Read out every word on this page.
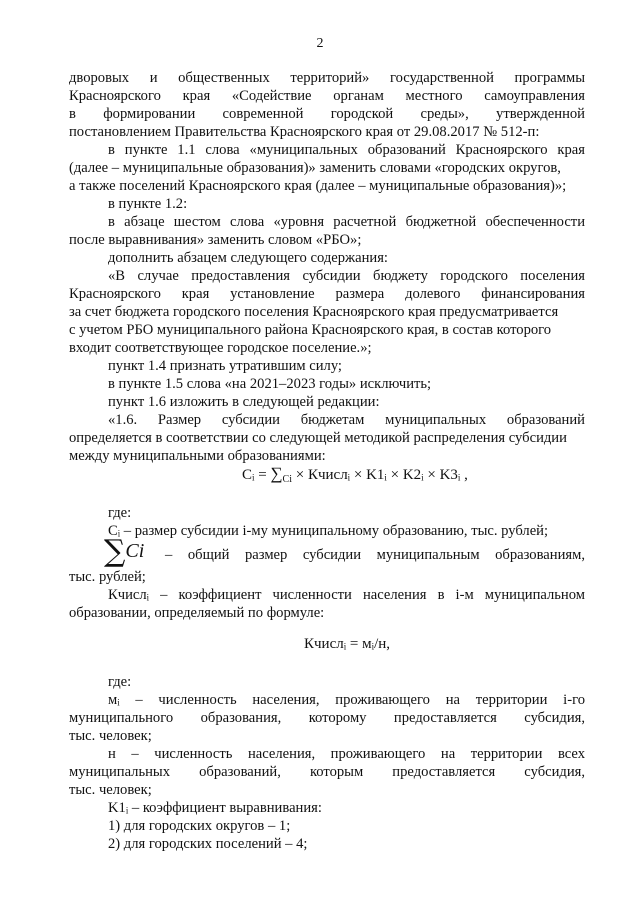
2
дворовых и общественных территорий» государственной программы
Красноярского края «Содействие органам местного самоуправления
в формировании современной городской среды», утвержденной
постановлением Правительства Красноярского края от 29.08.2017 № 512-п:
в пункте 1.1 слова «муниципальных образований Красноярского края
(далее – муниципальные образования)» заменить словами «городских округов,
а также поселений Красноярского края (далее – муниципальные образования)»;
в пункте 1.2:
в абзаце шестом слова «уровня расчетной бюджетной обеспеченности
после выравнивания» заменить словом «РБО»;
дополнить абзацем следующего содержания:
«В случае предоставления субсидии бюджету городского поселения
Красноярского края установление размера долевого финансирования
за счет бюджета городского поселения Красноярского края предусматривается
с учетом РБО муниципального района Красноярского края, в состав которого
входит соответствующее городское поселение.»;
пункт 1.4 признать утратившим силу;
в пункте 1.5 слова «на 2021–2023 годы» исключить;
пункт 1.6 изложить в следующей редакции:
«1.6. Размер субсидии бюджетам муниципальных образований
определяется в соответствии со следующей методикой распределения субсидии
между муниципальными образованиями:
Cᵢ = $\sum_{Ci}$ × Кчислᵢ × K1ᵢ × K2ᵢ × K3ᵢ ,
где:
Cᵢ – размер субсидии i-му муниципальному образованию, тыс. рублей;
∑Ci – общий размер субсидии муниципальным образованиям,
тыс. рублей;
Кчислᵢ – коэффициент численности населения в i-м муниципальном
образовании, определяемый по формуле:
Кчислᵢ = мᵢ/н,
где:
мᵢ – численность населения, проживающего на территории i-го
муниципального образования, которому предоставляется субсидия,
тыс. человек;
н – численность населения, проживающего на территории всех
муниципальных образований, которым предоставляется субсидия,
тыс. человек;
K1ᵢ – коэффициент выравнивания:
1) для городских округов – 1;
2) для городских поселений – 4;
